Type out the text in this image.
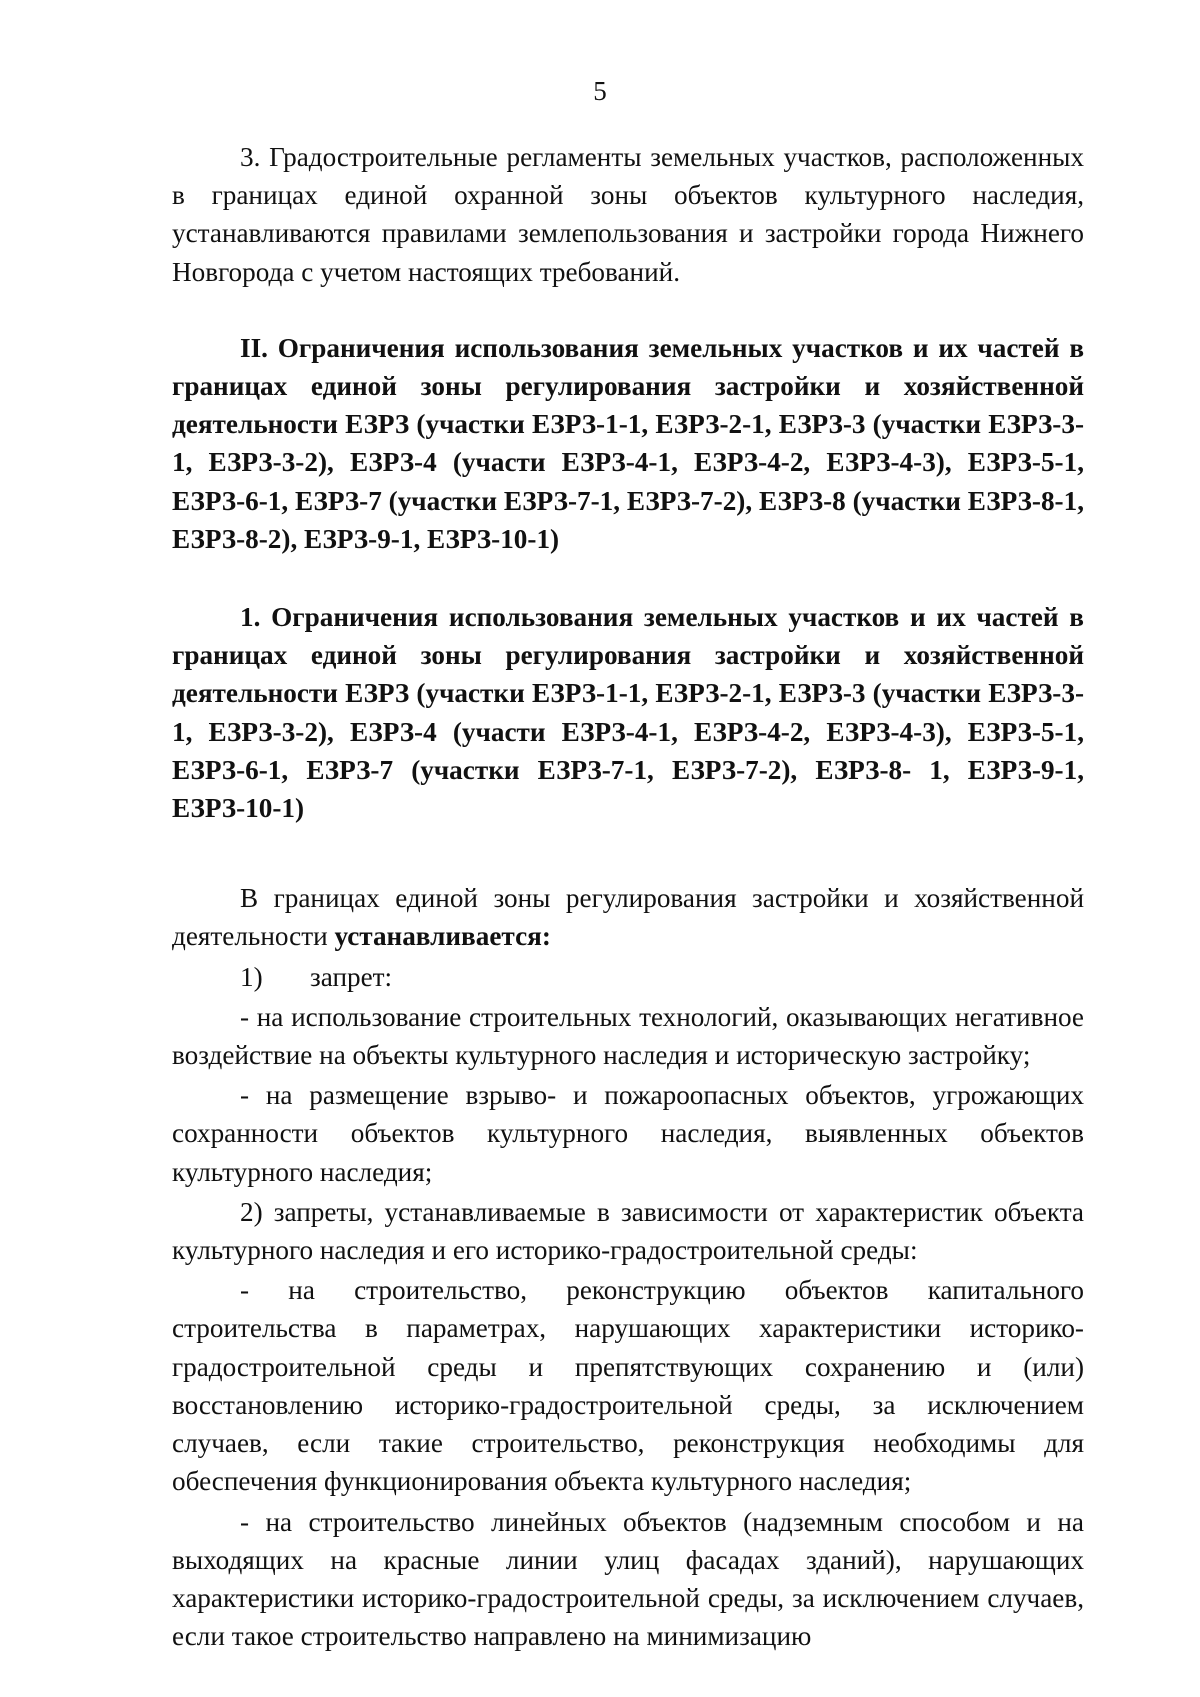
5

3. Градостроительные регламенты земельных участков, расположенных в границах единой охранной зоны объектов культурного наследия, устанавливаются правилами землепользования и застройки города Нижнего Новгорода с учетом настоящих требований.

II. Ограничения использования земельных участков и их частей в границах единой зоны регулирования застройки и хозяйственной деятельности ЕЗРЗ (участки ЕЗРЗ-1-1, ЕЗРЗ-2-1, ЕЗРЗ-3 (участки ЕЗРЗ-3-1, ЕЗРЗ-3-2), ЕЗРЗ-4 (участи ЕЗРЗ-4-1, ЕЗРЗ-4-2, ЕЗРЗ-4-3), ЕЗРЗ-5-1, ЕЗРЗ-6-1, ЕЗРЗ-7 (участки ЕЗРЗ-7-1, ЕЗРЗ-7-2), ЕЗРЗ-8 (участки ЕЗРЗ-8-1, ЕЗРЗ-8-2), ЕЗРЗ-9-1, ЕЗРЗ-10-1)

1. Ограничения использования земельных участков и их частей в границах единой зоны регулирования застройки и хозяйственной деятельности ЕЗРЗ (участки ЕЗРЗ-1-1, ЕЗРЗ-2-1, ЕЗРЗ-3 (участки ЕЗРЗ-3-1, ЕЗРЗ-3-2), ЕЗРЗ-4 (участи ЕЗРЗ-4-1, ЕЗРЗ-4-2, ЕЗРЗ-4-3), ЕЗРЗ-5-1, ЕЗРЗ-6-1, ЕЗРЗ-7 (участки ЕЗРЗ-7-1, ЕЗРЗ-7-2), ЕЗРЗ-8- 1, ЕЗРЗ-9-1, ЕЗРЗ-10-1)

В границах единой зоны регулирования застройки и хозяйственной деятельности устанавливается:

1) запрет:

- на использование строительных технологий, оказывающих негативное воздействие на объекты культурного наследия и историческую застройку;

- на размещение взрыво- и пожароопасных объектов, угрожающих сохранности объектов культурного наследия, выявленных объектов культурного наследия;

2) запреты, устанавливаемые в зависимости от характеристик объекта культурного наследия и его историко-градостроительной среды:

- на строительство, реконструкцию объектов капитального строительства в параметрах, нарушающих характеристики историко-градостроительной среды и препятствующих сохранению и (или) восстановлению историко-градостроительной среды, за исключением случаев, если такие строительство, реконструкция необходимы для обеспечения функционирования объекта культурного наследия;

- на строительство линейных объектов (надземным способом и на выходящих на красные линии улиц фасадах зданий), нарушающих характеристики историко-градостроительной среды, за исключением случаев, если такое строительство направлено на минимизацию
